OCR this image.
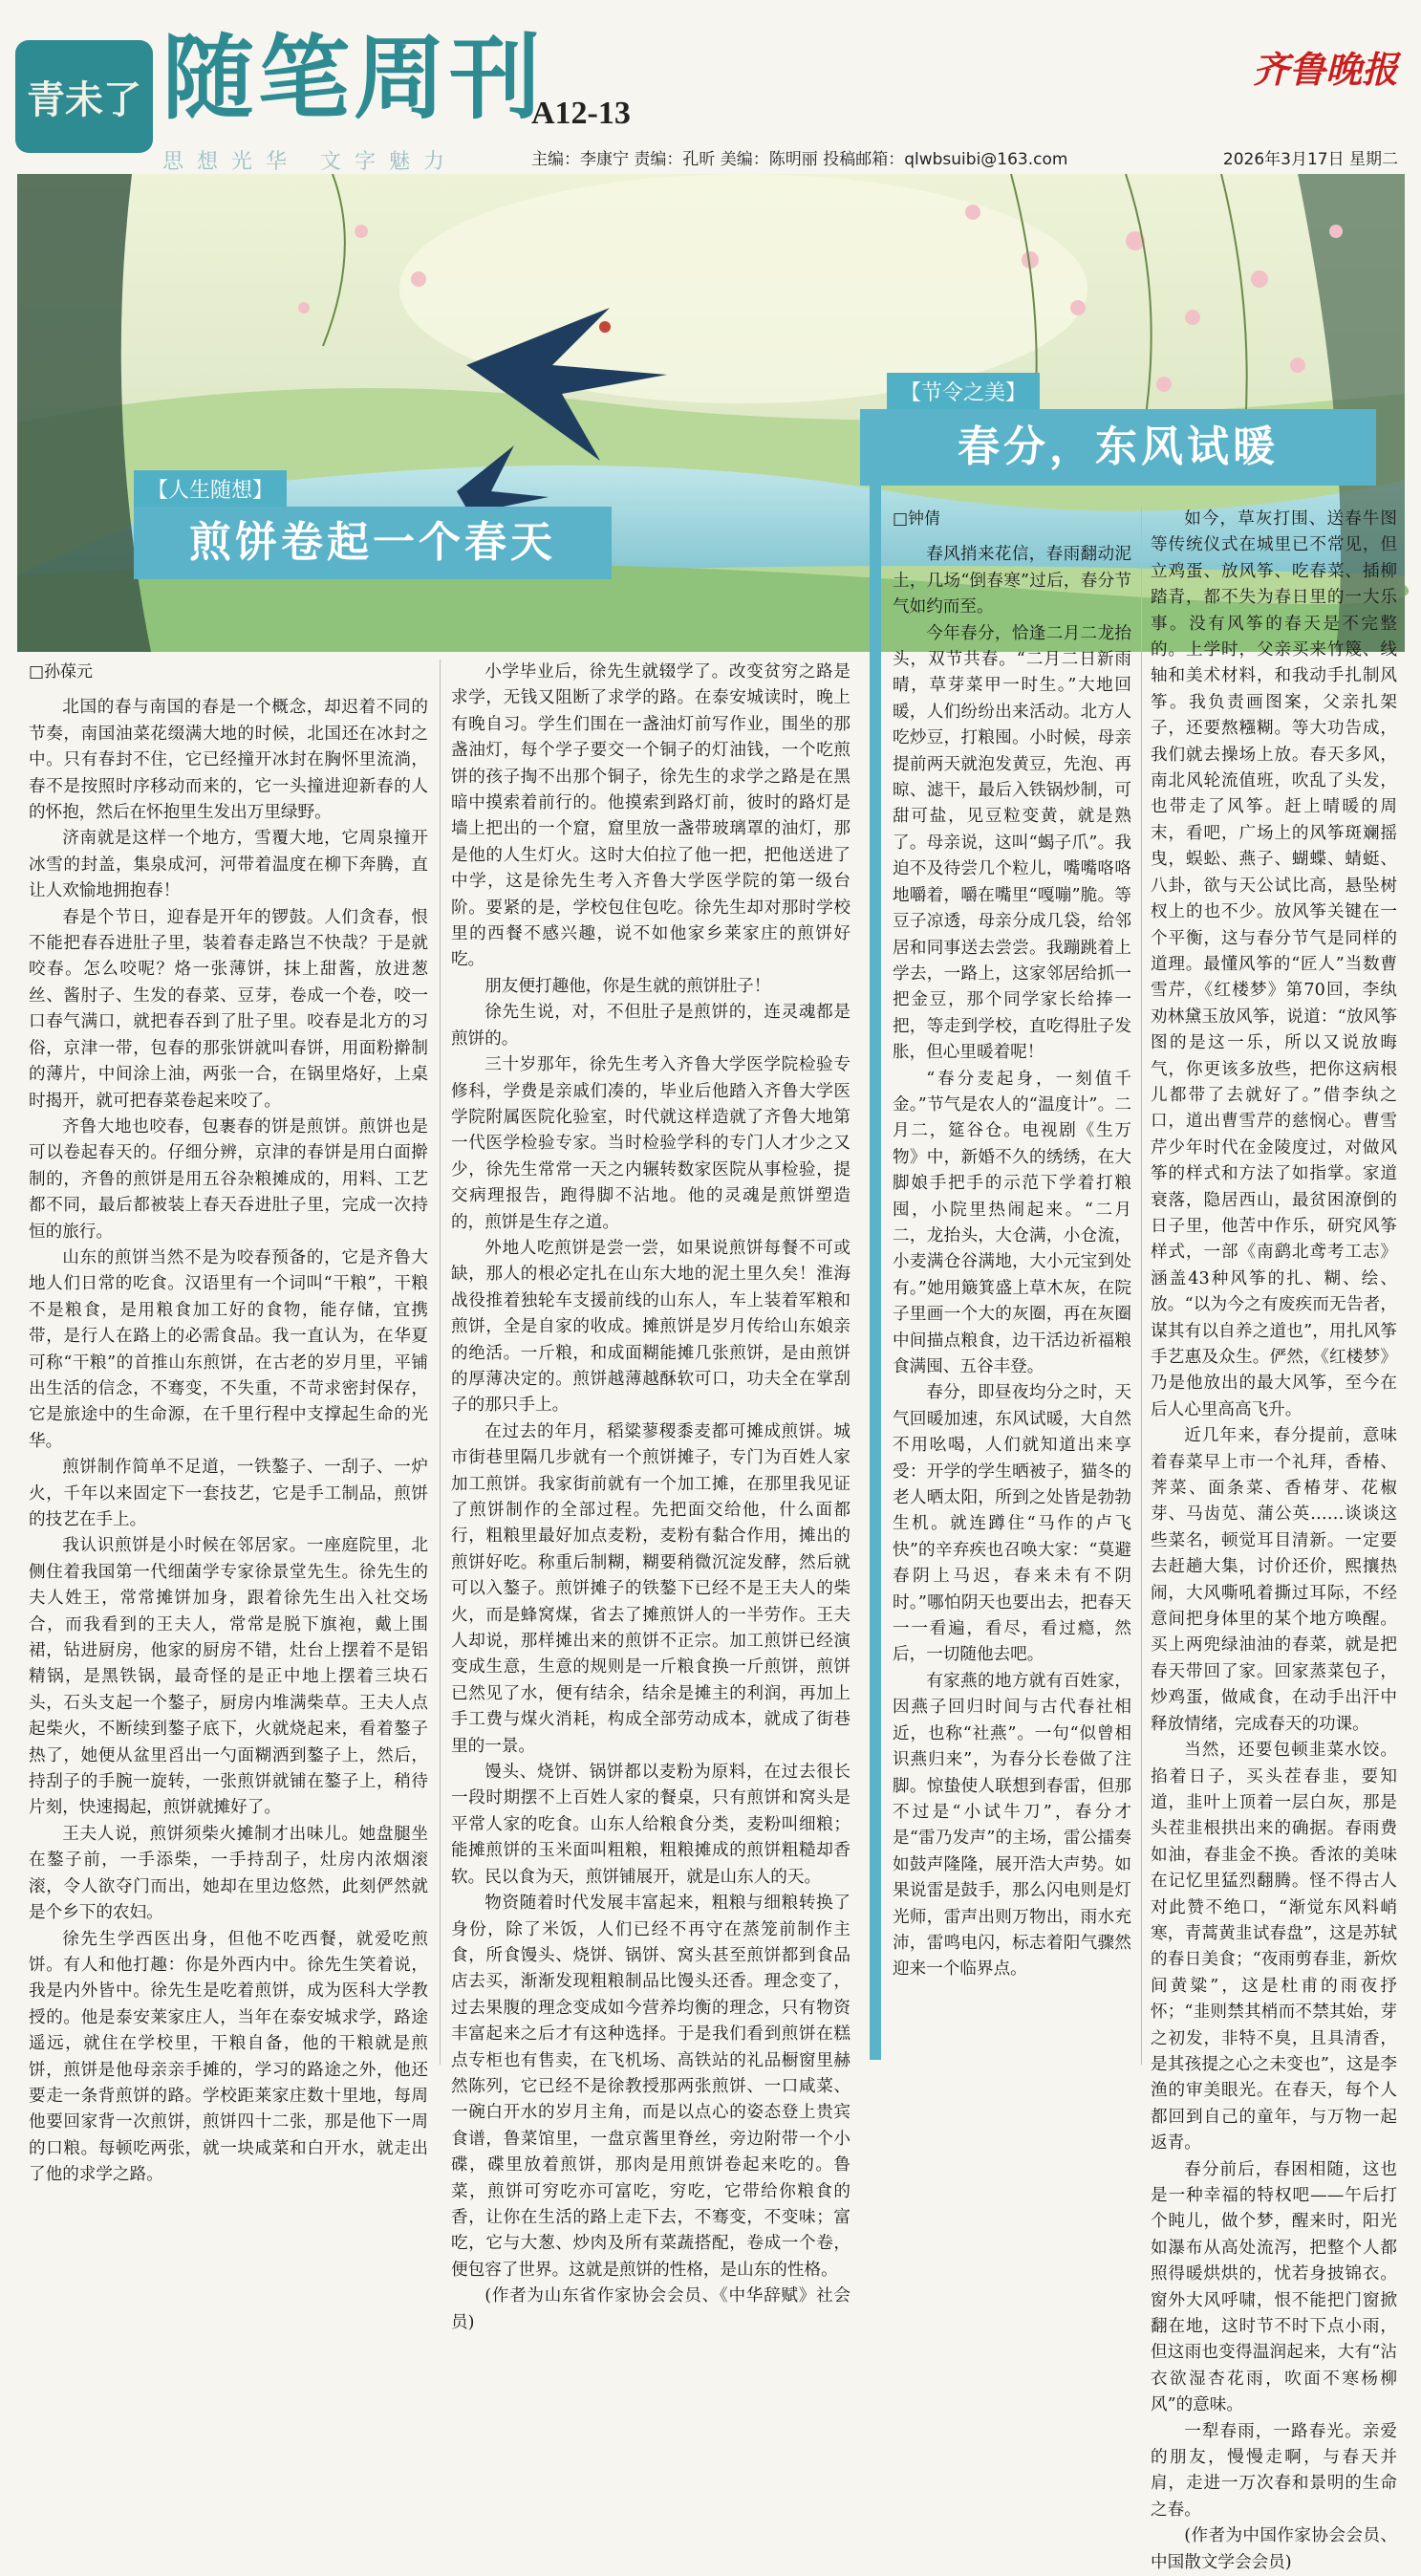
青未了 随笔周刊
A12-13
思想光华 文字魅力	主编：李康宁 责编：孔昕 美编：陈明丽 投稿邮箱：qlwbsuibi@163.com
齐鲁晚报
2026年3月17日 星期二
【人生随想】
煎饼卷起一个春天
【节令之美】
春分，东风试暖

□孙葆元

北国的春与南国的春是一个概念，却迟着不同的节奏，南国油菜花缀满大地的时候，北国还在冰封之中。只有春封不住，它已经撞开冰封在胸怀里流淌，春不是按照时序移动而来的，它一头撞进迎新春的人的怀抱，然后在怀抱里生发出万里绿野。

济南就是这样一个地方，雪覆大地，它周泉撞开冰雪的封盖，集泉成河，河带着温度在柳下奔腾，直让人欢愉地拥抱春！

春是个节日，迎春是开年的锣鼓。人们贪春，恨不能把春吞进肚子里，装着春走路岂不快哉？于是就咬春。怎么咬呢？烙一张薄饼，抹上甜酱，放进葱丝、酱肘子、生发的春菜、豆芽，卷成一个卷，咬一口春气满口，就把春吞到了肚子里。咬春是北方的习俗，京津一带，包春的那张饼就叫春饼，用面粉擀制的薄片，中间涂上油，两张一合，在锅里烙好，上桌时揭开，就可把春菜卷起来咬了。

齐鲁大地也咬春，包裹春的饼是煎饼。煎饼也是可以卷起春天的。仔细分辨，京津的春饼是用白面擀制的，齐鲁的煎饼是用五谷杂粮摊成的，用料、工艺都不同，最后都被装上春天吞进肚子里，完成一次持恒的旅行。

山东的煎饼当然不是为咬春预备的，它是齐鲁大地人们日常的吃食。汉语里有一个词叫“干粮”，干粮不是粮食，是用粮食加工好的食物，能存储，宜携带，是行人在路上的必需食品。我一直认为，在华夏可称“干粮”的首推山东煎饼，在古老的岁月里，平铺出生活的信念，不骞变，不失重，不苛求密封保存，它是旅途中的生命源，在千里行程中支撑起生命的光华。

煎饼制作简单不足道，一铁鏊子、一刮子、一炉火，千年以来固定下一套技艺，它是手工制品，煎饼的技艺在手上。

我认识煎饼是小时候在邻居家。一座庭院里，北侧住着我国第一代细菌学专家徐景堂先生。徐先生的夫人姓王，常常摊饼加身，跟着徐先生出入社交场合，而我看到的王夫人，常常是脱下旗袍，戴上围裙，钻进厨房，他家的厨房不错，灶台上摆着不是铝精锅，是黑铁锅，最奇怪的是正中地上摆着三块石头，石头支起一个鏊子，厨房内堆满柴草。王夫人点起柴火，不断续到鏊子底下，火就烧起来，看着鏊子热了，她便从盆里舀出一勺面糊洒到鏊子上，然后，持刮子的手腕一旋转，一张煎饼就铺在鏊子上，稍待片刻，快速揭起，煎饼就摊好了。

王夫人说，煎饼须柴火摊制才出味儿。她盘腿坐在鏊子前，一手添柴，一手持刮子，灶房内浓烟滚滚，令人欲夺门而出，她却在里边悠然，此刻俨然就是个乡下的农妇。

徐先生学西医出身，但他不吃西餐，就爱吃煎饼。有人和他打趣：你是外西内中。徐先生笑着说，我是内外皆中。徐先生是吃着煎饼，成为医科大学教授的。他是泰安莱家庄人，当年在泰安城求学，路途遥远，就住在学校里，干粮自备，他的干粮就是煎饼，煎饼是他母亲亲手摊的，学习的路途之外，他还要走一条背煎饼的路。学校距莱家庄数十里地，每周他要回家背一次煎饼，煎饼四十二张，那是他下一周的口粮。每顿吃两张，就一块咸菜和白开水，就走出了他的求学之路。

小学毕业后，徐先生就辍学了。改变贫穷之路是求学，无钱又阻断了求学的路。在泰安城读时，晚上有晚自习。学生们围在一盏油灯前写作业，围坐的那盏油灯，每个学子要交一个铜子的灯油钱，一个吃煎饼的孩子掏不出那个铜子，徐先生的求学之路是在黑暗中摸索着前行的。他摸索到路灯前，彼时的路灯是墙上把出的一个窟，窟里放一盏带玻璃罩的油灯，那是他的人生灯火。这时大伯拉了他一把，把他送进了中学，这是徐先生考入齐鲁大学医学院的第一级台阶。要紧的是，学校包住包吃。徐先生却对那时学校里的西餐不感兴趣，说不如他家乡莱家庄的煎饼好吃。

朋友便打趣他，你是生就的煎饼肚子！

徐先生说，对，不但肚子是煎饼的，连灵魂都是煎饼的。

三十岁那年，徐先生考入齐鲁大学医学院检验专修科，学费是亲戚们凑的，毕业后他踏入齐鲁大学医学院附属医院化验室，时代就这样造就了齐鲁大地第一代医学检验专家。当时检验学科的专门人才少之又少，徐先生常常一天之内辗转数家医院从事检验，提交病理报告，跑得脚不沾地。他的灵魂是煎饼塑造的，煎饼是生存之道。

外地人吃煎饼是尝一尝，如果说煎饼每餐不可或缺，那人的根必定扎在山东大地的泥土里久矣！淮海战役推着独轮车支援前线的山东人，车上装着军粮和煎饼，全是自家的收成。摊煎饼是岁月传给山东娘亲的绝活。一斤粮，和成面糊能摊几张煎饼，是由煎饼的厚薄决定的。煎饼越薄越酥软可口，功夫全在掌刮子的那只手上。

在过去的年月，稻粱蓼稷黍麦都可摊成煎饼。城市街巷里隔几步就有一个煎饼摊子，专门为百姓人家加工煎饼。我家街前就有一个加工摊，在那里我见证了煎饼制作的全部过程。先把面交给他，什么面都行，粗粮里最好加点麦粉，麦粉有黏合作用，摊出的煎饼好吃。称重后制糊，糊要稍微沉淀发酵，然后就可以入鏊子。煎饼摊子的铁鏊下已经不是王夫人的柴火，而是蜂窝煤，省去了摊煎饼人的一半劳作。王夫人却说，那样摊出来的煎饼不正宗。加工煎饼已经演变成生意，生意的规则是一斤粮食换一斤煎饼，煎饼已然见了水，便有结余，结余是摊主的利润，再加上手工费与煤火消耗，构成全部劳动成本，就成了街巷里的一景。

馒头、烧饼、锅饼都以麦粉为原料，在过去很长一段时期摆不上百姓人家的餐桌，只有煎饼和窝头是平常人家的吃食。山东人给粮食分类，麦粉叫细粮；能摊煎饼的玉米面叫粗粮，粗粮摊成的煎饼粗糙却香软。民以食为天，煎饼铺展开，就是山东人的天。

物资随着时代发展丰富起来，粗粮与细粮转换了身份，除了米饭，人们已经不再守在蒸笼前制作主食，所食馒头、烧饼、锅饼、窝头甚至煎饼都到食品店去买，渐渐发现粗粮制品比馒头还香。理念变了，过去果腹的理念变成如今营养均衡的理念，只有物资丰富起来之后才有这种选择。于是我们看到煎饼在糕点专柜也有售卖，在飞机场、高铁站的礼品橱窗里赫然陈列，它已经不是徐教授那两张煎饼、一口咸菜、一碗白开水的岁月主角，而是以点心的姿态登上贵宾食谱，鲁菜馆里，一盘京酱里脊丝，旁边附带一个小碟，碟里放着煎饼，那肉是用煎饼卷起来吃的。鲁菜，煎饼可穷吃亦可富吃，穷吃，它带给你粮食的香，让你在生活的路上走下去，不骞变，不变味；富吃，它与大葱、炒肉及所有菜蔬搭配，卷成一个卷，便包容了世界。这就是煎饼的性格，是山东的性格。

(作者为山东省作家协会会员、《中华辞赋》社会员)

□钟倩

春风捎来花信，春雨翻动泥土，几场“倒春寒”过后，春分节气如约而至。

今年春分，恰逢二月二龙抬头，双节共春。“二月二日新雨晴，草芽菜甲一时生。”大地回暖，人们纷纷出来活动。北方人吃炒豆，打粮囤。小时候，母亲提前两天就泡发黄豆，先泡、再晾、滤干，最后入铁锅炒制，可甜可盐，见豆粒变黄，就是熟了。母亲说，这叫“蝎子爪”。我迫不及待尝几个粒儿，嘴嘴咯咯地嚼着，嚼在嘴里“嘎嘣”脆。等豆子凉透，母亲分成几袋，给邻居和同事送去尝尝。我蹦跳着上学去，一路上，这家邻居给抓一把金豆，那个同学家长给捧一把，等走到学校，直吃得肚子发胀，但心里暖着呢！

“春分麦起身，一刻值千金。”节气是农人的“温度计”。二月二，筵谷仓。电视剧《生万物》中，新婚不久的绣绣，在大脚娘手把手的示范下学着打粮囤，小院里热闹起来。“二月二，龙抬头，大仓满，小仓流，小麦满仓谷满地，大小元宝到处有。”她用簸箕盛上草木灰，在院子里画一个大的灰圈，再在灰圈中间描点粮食，边干活边祈福粮食满囤、五谷丰登。

春分，即昼夜均分之时，天气回暖加速，东风试暖，大自然不用吆喝，人们就知道出来享受：开学的学生晒被子，猫冬的老人晒太阳，所到之处皆是勃勃生机。就连蹲住“马作的卢飞快”的辛弃疾也召唤大家：“莫避春阴上马迟，春来未有不阴时。”哪怕阴天也要出去，把春天一一看遍，看尽，看过瘾，然后，一切随他去吧。

有家燕的地方就有百姓家，因燕子回归时间与古代春社相近，也称“社燕”。一句“似曾相识燕归来”，为春分长卷做了注脚。惊蛰使人联想到春雷，但那不过是“小试牛刀”，春分才是“雷乃发声”的主场，雷公擂奏如鼓声隆隆，展开浩大声势。如果说雷是鼓手，那么闪电则是灯光师，雷声出则万物出，雨水充沛，雷鸣电闪，标志着阳气骤然迎来一个临界点。

如今，草灰打围、送春牛图等传统仪式在城里已不常见，但立鸡蛋、放风筝、吃春菜、插柳踏青，都不失为春日里的一大乐事。没有风筝的春天是不完整的。上学时，父亲买来竹篾、线轴和美术材料，和我动手扎制风筝。我负责画图案，父亲扎架子，还要熬糨糊。等大功告成，我们就去操场上放。春天多风，南北风轮流值班，吹乱了头发，也带走了风筝。赶上晴暖的周末，看吧，广场上的风筝斑斓摇曳，蜈蚣、燕子、蝴蝶、蜻蜓、八卦，欲与天公试比高，悬坠树杈上的也不少。放风筝关键在一个平衡，这与春分节气是同样的道理。最懂风筝的“匠人”当数曹雪芹，《红楼梦》第70回，李纨劝林黛玉放风筝，说道：“放风筝图的是这一乐，所以又说放晦气，你更该多放些，把你这病根儿都带了去就好了。”借李纨之口，道出曹雪芹的慈悯心。曹雪芹少年时代在金陵度过，对做风筝的样式和方法了如指掌。家道衰落，隐居西山，最贫困潦倒的日子里，他苦中作乐，研究风筝样式，一部《南鹞北鸢考工志》涵盖43种风筝的扎、糊、绘、放。“以为今之有废疾而无告者，谋其有以自养之道也”，用扎风筝手艺惠及众生。俨然，《红楼梦》乃是他放出的最大风筝，至今在后人心里高高飞升。

近几年来，春分提前，意味着春菜早上市一个礼拜，香椿、荠菜、面条菜、香椿芽、花椒芽、马齿苋、蒲公英……谈谈这些菜名，顿觉耳目清新。一定要去赶趟大集，讨价还价，熙攘热闹，大风嘶吼着撕过耳际，不经意间把身体里的某个地方唤醒。买上两兜绿油油的春菜，就是把春天带回了家。回家蒸菜包子，炒鸡蛋，做咸食，在动手出汗中释放情绪，完成春天的功课。

当然，还要包顿韭菜水饺。掐着日子，买头茬春韭，要知道，韭叶上顶着一层白灰，那是头茬韭根拱出来的确据。春雨费如油，春韭金不换。香浓的美味在记忆里猛烈翻腾。怪不得古人对此赞不绝口，“渐觉东风料峭寒，青蒿黄韭试春盘”，这是苏轼的春日美食；“夜雨剪春韭，新炊间黄粱”，这是杜甫的雨夜抒怀；“韭则禁其梢而不禁其始，芽之初发，非特不臭，且具清香，是其孩提之心之未变也”，这是李渔的审美眼光。在春天，每个人都回到自己的童年，与万物一起返青。

春分前后，春困相随，这也是一种幸福的特权吧——午后打个盹儿，做个梦，醒来时，阳光如瀑布从高处流泻，把整个人都照得暖烘烘的，忧若身披锦衣。窗外大风呼啸，恨不能把门窗掀翻在地，这时节不时下点小雨，但这雨也变得温润起来，大有“沾衣欲湿杏花雨，吹面不寒杨柳风”的意味。

一犁春雨，一路春光。亲爱的朋友，慢慢走啊，与春天并肩，走进一万次春和景明的生命之春。

(作者为中国作家协会会员、中国散文学会会员)
